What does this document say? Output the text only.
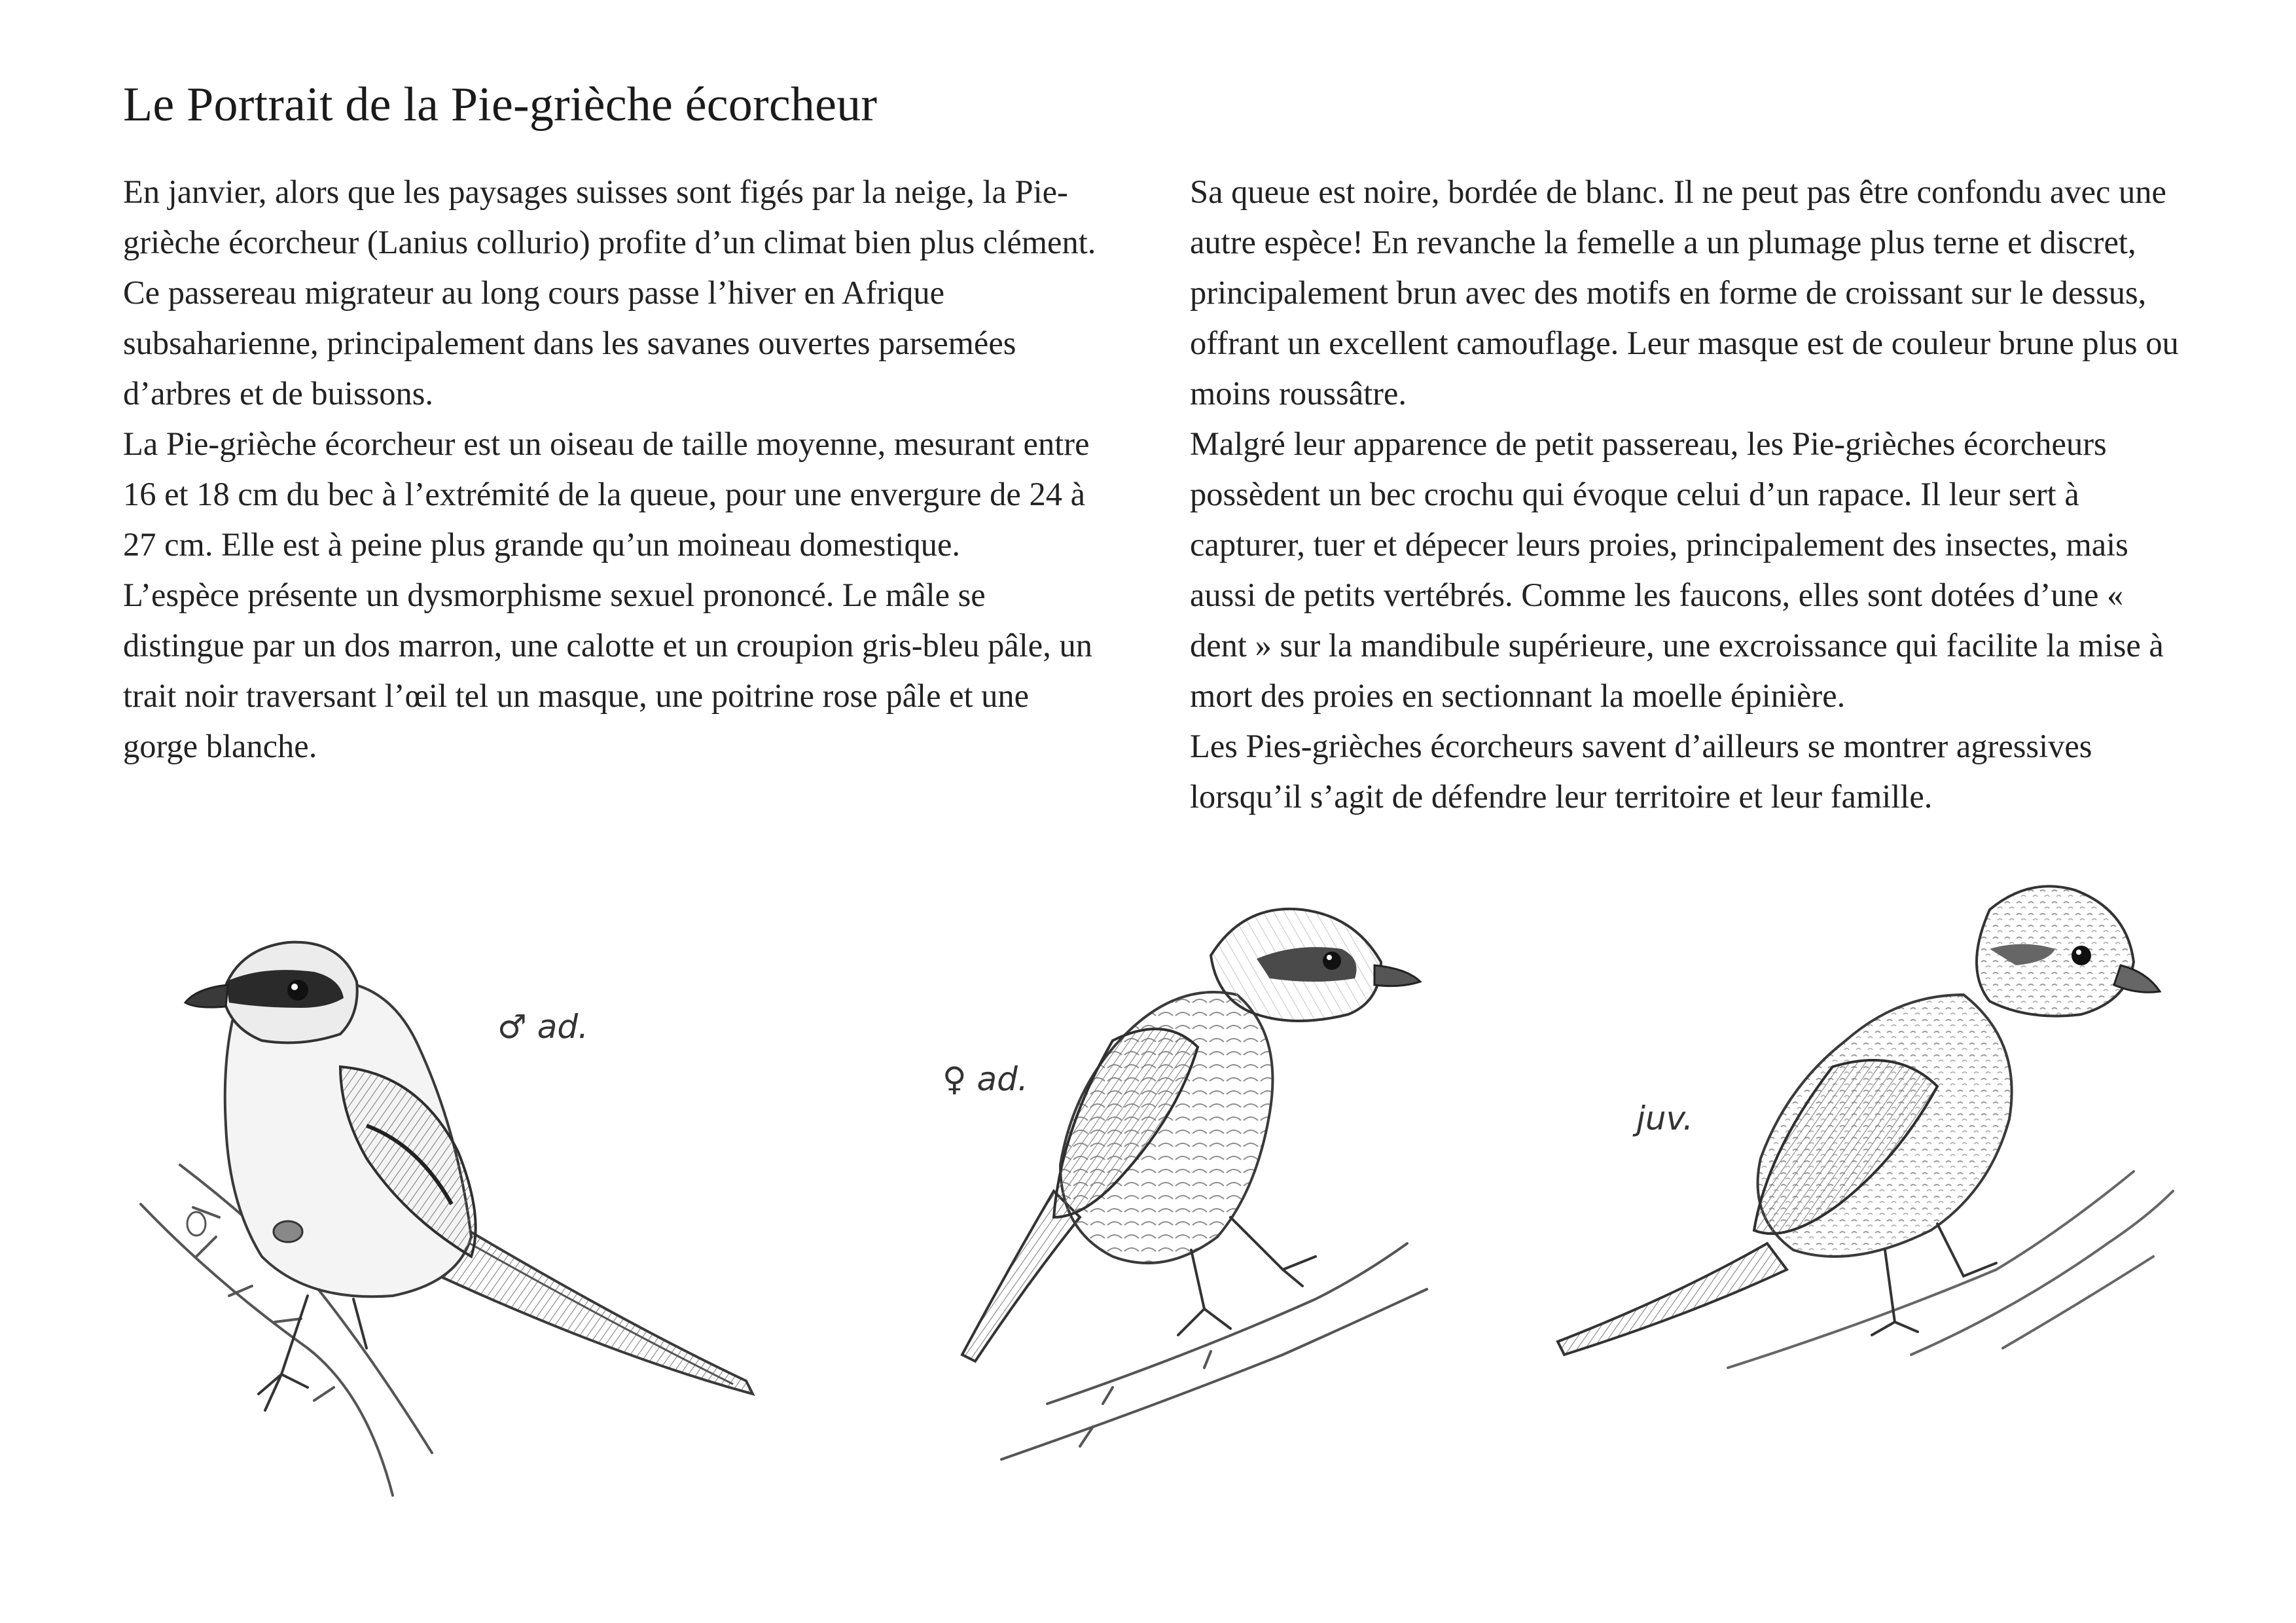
Le Portrait de la Pie-grièche écorcheur

En janvier, alors que les paysages suisses sont figés par la neige, la Pie-grièche écorcheur (Lanius collurio) profite d’un climat bien plus clément. Ce passereau migrateur au long cours passe l’hiver en Afrique subsaharienne, principalement dans les savanes ouvertes parsemées d’arbres et de buissons.

La Pie-grièche écorcheur est un oiseau de taille moyenne, mesurant entre 16 et 18 cm du bec à l’extrémité de la queue, pour une envergure de 24 à 27 cm. Elle est à peine plus grande qu’un moineau domestique.

L’espèce présente un dysmorphisme sexuel prononcé. Le mâle se distingue par un dos marron, une calotte et un croupion gris-bleu pâle, un trait noir traversant l’œil tel un masque, une poitrine rose pâle et une gorge blanche.

Sa queue est noire, bordée de blanc. Il ne peut pas être confondu avec une autre espèce! En revanche la femelle a un plumage plus terne et discret, principalement brun avec des motifs en forme de croissant sur le dessus, offrant un excellent camouflage. Leur masque est de couleur brune plus ou moins roussâtre.

Malgré leur apparence de petit passereau, les Pie-grièches écorcheurs possèdent un bec crochu qui évoque celui d’un rapace. Il leur sert à capturer, tuer et dépecer leurs proies, principalement des insectes, mais aussi de petits vertébrés. Comme les faucons, elles sont dotées d’une « dent » sur la mandibule supérieure, une excroissance qui facilite la mise à mort des proies en sectionnant la moelle épinière.

Les Pies-grièches écorcheurs savent d’ailleurs se montrer agressives lorsqu’il s’agit de défendre leur territoire et leur famille.

♂ ad.
♀ ad.
juv.
